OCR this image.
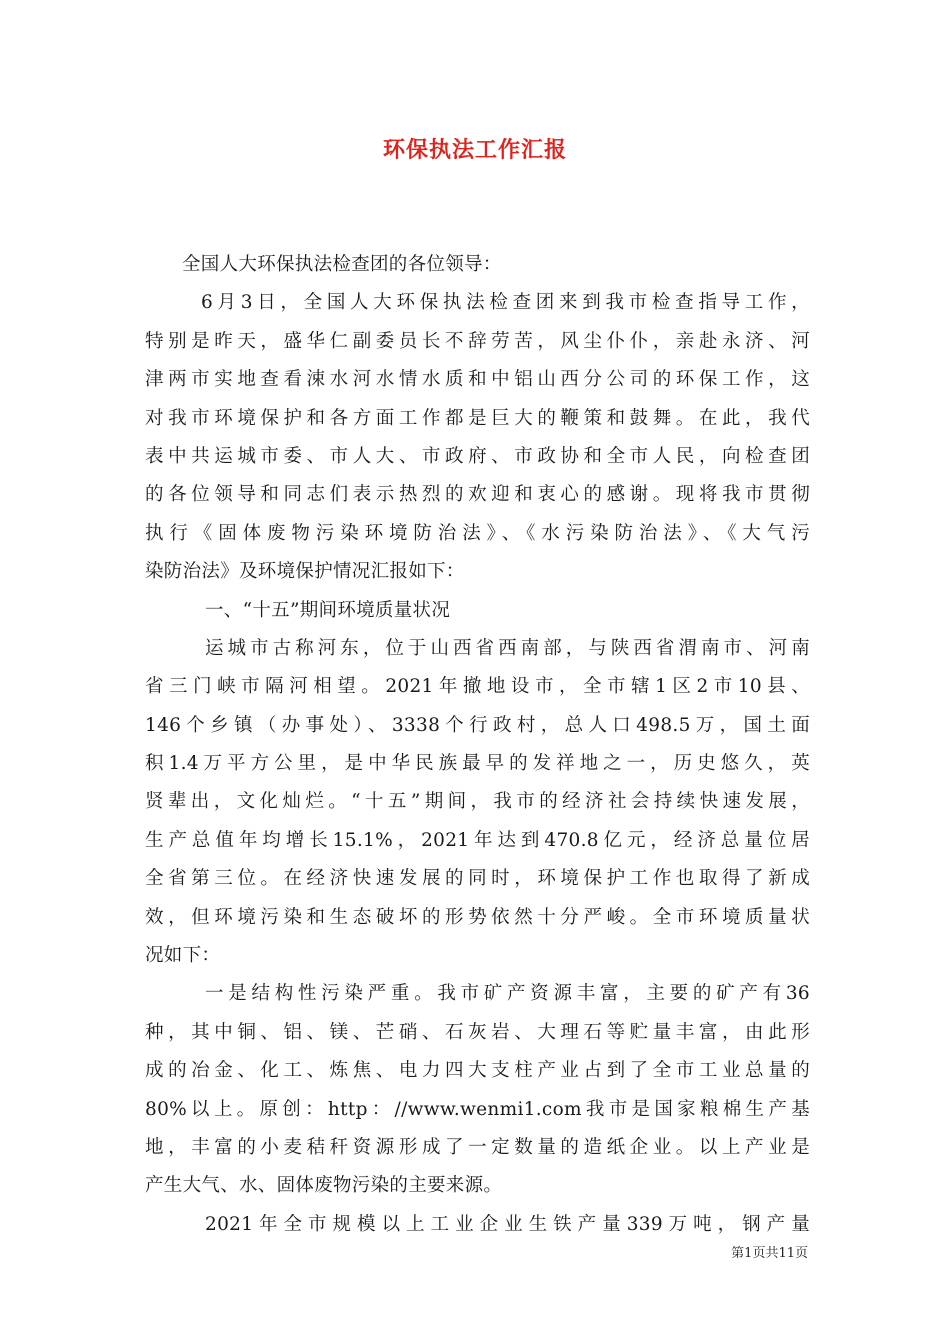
环保执法工作汇报
全国人大环保执法检查团的各位领导：
6月3日，全国人大环保执法检查团来到我市检查指导工作，
特别是昨天，盛华仁副委员长不辞劳苦，风尘仆仆，亲赴永济、河
津两市实地查看涑水河水情水质和中铝山西分公司的环保工作，这
对我市环境保护和各方面工作都是巨大的鞭策和鼓舞。在此，我代
表中共运城市委、市人大、市政府、市政协和全市人民，向检查团
的各位领导和同志们表示热烈的欢迎和衷心的感谢。现将我市贯彻
执行《固体废物污染环境防治法》、《水污染防治法》、《大气污
染防治法》及环境保护情况汇报如下：
一、“十五”期间环境质量状况
运城市古称河东，位于山西省西南部，与陕西省渭南市、河南
省三门峡市隔河相望。2021年撤地设市，全市辖1区2市10县、
146个乡镇（办事处）、3338个行政村，总人口498.5万，国土面
积1.4万平方公里，是中华民族最早的发祥地之一，历史悠久，英
贤辈出，文化灿烂。“十五”期间，我市的经济社会持续快速发展，
生产总值年均增长15.1%，2021年达到470.8亿元，经济总量位居
全省第三位。在经济快速发展的同时，环境保护工作也取得了新成
效，但环境污染和生态破坏的形势依然十分严峻。全市环境质量状
况如下：
一是结构性污染严重。我市矿产资源丰富，主要的矿产有36
种，其中铜、铝、镁、芒硝、石灰岩、大理石等贮量丰富，由此形
成的冶金、化工、炼焦、电力四大支柱产业占到了全市工业总量的
80%以上。原创：http：//www.wenmi1.com我市是国家粮棉生产基
地，丰富的小麦秸秆资源形成了一定数量的造纸企业。以上产业是
产生大气、水、固体废物污染的主要来源。
2021年全市规模以上工业企业生铁产量339万吨，钢产量
第1页共11页
